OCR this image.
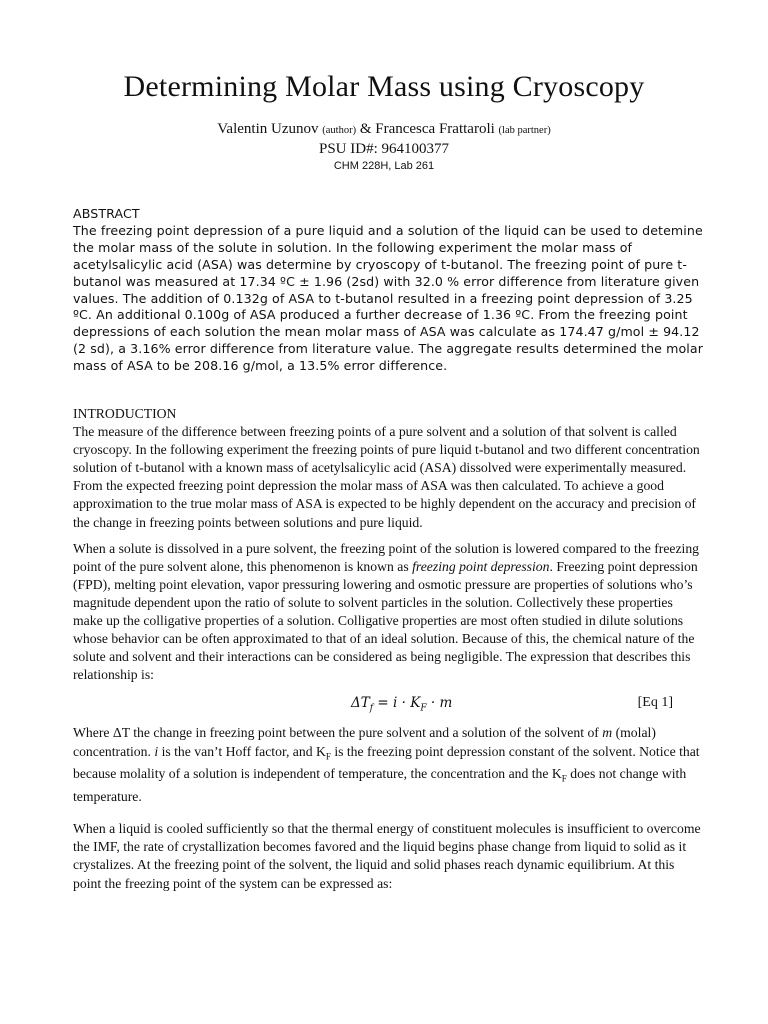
Determining Molar Mass using Cryoscopy
Valentin Uzunov (author) & Francesca Frattaroli (lab partner)
PSU ID#: 964100377
CHM 228H, Lab 261
ABSTRACT
The freezing point depression of a pure liquid and a solution of the liquid can be used to detemine the molar mass of the solute in solution. In the following experiment the molar mass of acetylsalicylic acid (ASA) was determine by cryoscopy of t-butanol. The freezing point of pure t-butanol was measured at 17.34 ºC ± 1.96 (2sd) with 32.0 % error difference from literature given values. The addition of 0.132g of ASA to t-butanol resulted in a freezing point depression of 3.25 ºC. An additional 0.100g of ASA produced a further decrease of 1.36 ºC. From the freezing point depressions of each solution the mean molar mass of ASA was calculate as 174.47 g/mol ± 94.12 (2 sd), a 3.16% error difference from literature value. The aggregate results determined the molar mass of ASA to be 208.16 g/mol, a 13.5% error difference.
INTRODUCTION
The measure of the difference between freezing points of a pure solvent and a solution of that solvent is called cryoscopy. In the following experiment the freezing points of pure liquid t-butanol and two different concentration solution of t-butanol with a known mass of acetylsalicylic acid (ASA) dissolved were experimentally measured. From the expected freezing point depression the molar mass of ASA was then calculated. To achieve a good approximation to the true molar mass of ASA is expected to be highly dependent on the accuracy and precision of the change in freezing points between solutions and pure liquid.
When a solute is dissolved in a pure solvent, the freezing point of the solution is lowered compared to the freezing point of the pure solvent alone, this phenomenon is known as freezing point depression. Freezing point depression (FPD), melting point elevation, vapor pressuring lowering and osmotic pressure are properties of solutions who’s magnitude dependent upon the ratio of solute to solvent particles in the solution. Collectively these properties make up the colligative properties of a solution. Colligative properties are most often studied in dilute solutions whose behavior can be often approximated to that of an ideal solution. Because of this, the chemical nature of the solute and solvent and their interactions can be considered as being negligible. The expression that describes this relationship is:
$\Delta T_f = i \cdot K_F \cdot m$	[Eq 1]
Where ΔT the change in freezing point between the pure solvent and a solution of the solvent of m (molal) concentration. i is the van’t Hoff factor, and $K_F$ is the freezing point depression constant of the solvent. Notice that because molality of a solution is independent of temperature, the concentration and the $K_F$ does not change with temperature.
When a liquid is cooled sufficiently so that the thermal energy of constituent molecules is insufficient to overcome the IMF, the rate of crystallization becomes favored and the liquid begins phase change from liquid to solid as it crystalizes. At the freezing point of the solvent, the liquid and solid phases reach dynamic equilibrium. At this point the freezing point of the system can be expressed as:
